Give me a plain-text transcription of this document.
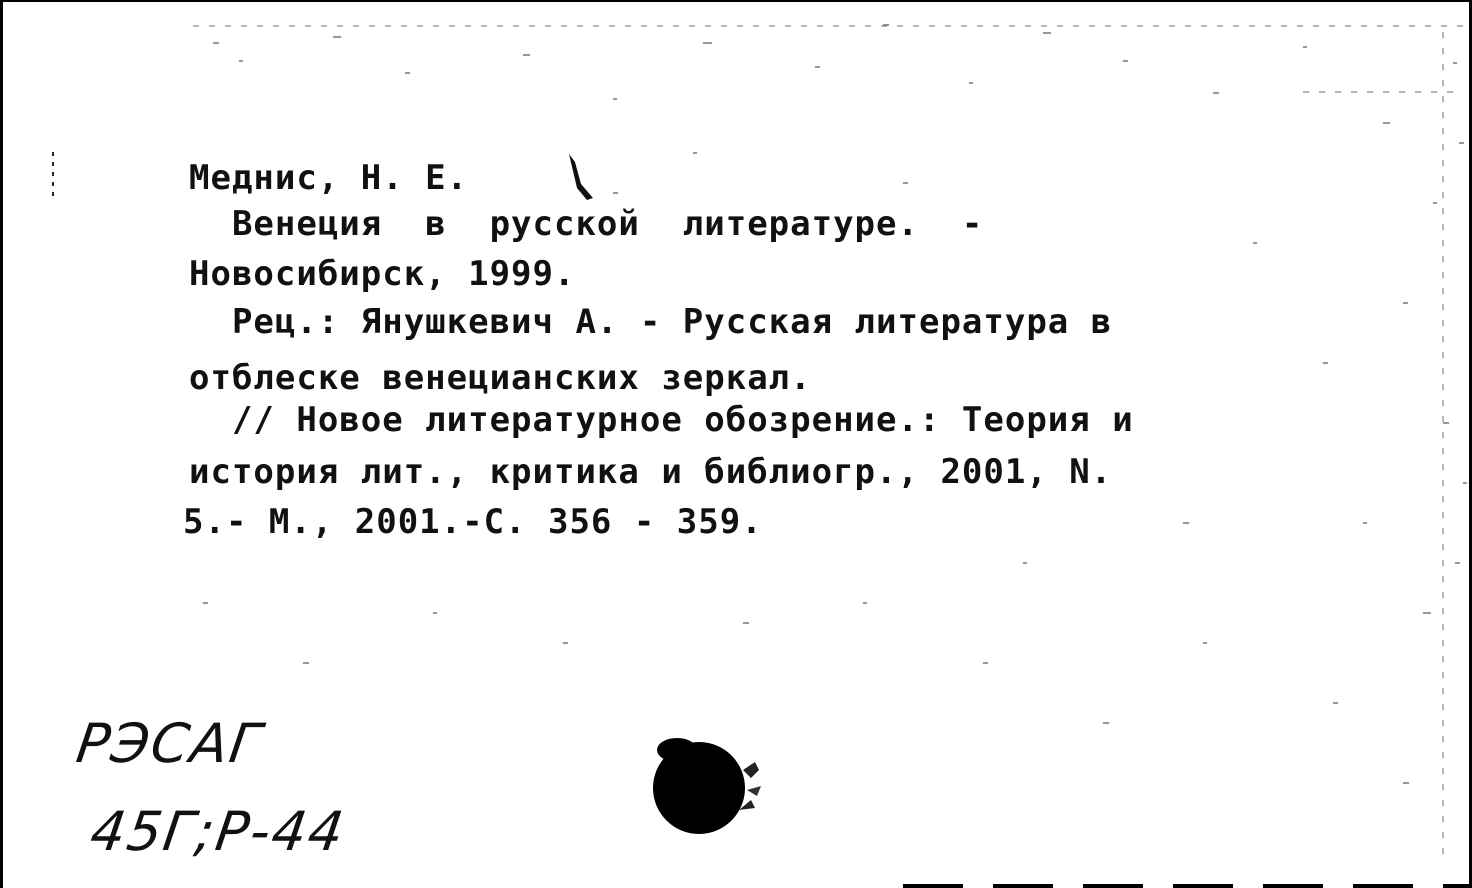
Меднис, Н. Е.

Венеция  в  русской  литературе.  -

Новосибирск, 1999.

Рец.: Янушкевич А. - Русская литература в

отблеске венецианских зеркал.

// Новое литературное обозрение.: Теория и

история лит., критика и библиогр., 2001, N.

5.- М., 2001.-С. 356 - 359.

РЭСАГ

45Г;Р-44
